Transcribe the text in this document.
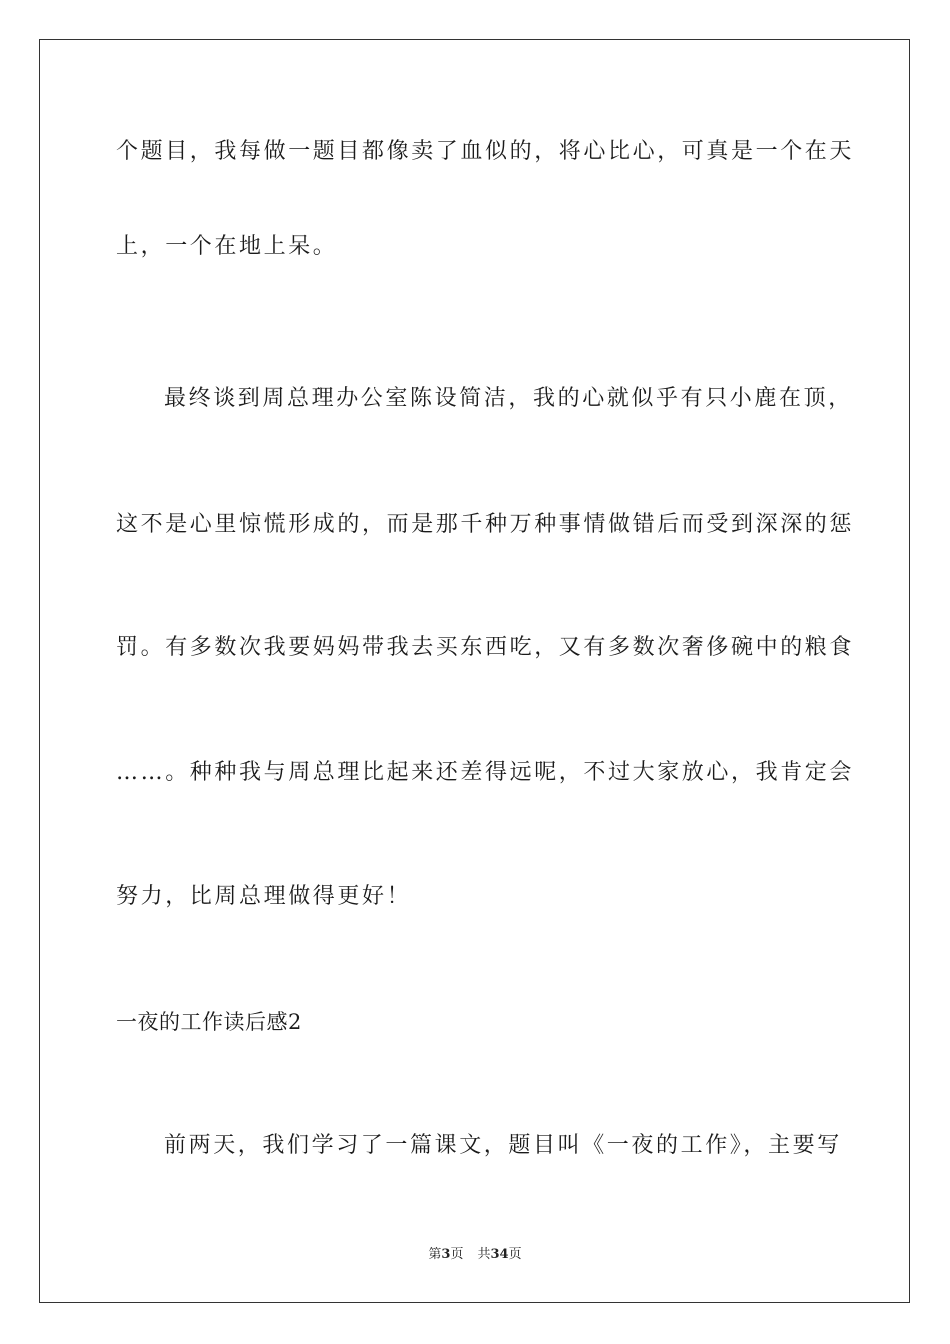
个题目，我每做一题目都像卖了血似的，将心比心，可真是一个在天
上，一个在地上呆。
最终谈到周总理办公室陈设简洁，我的心就似乎有只小鹿在顶，
这不是心里惊慌形成的，而是那千种万种事情做错后而受到深深的惩
罚。有多数次我要妈妈带我去买东西吃，又有多数次奢侈碗中的粮食
……。种种我与周总理比起来还差得远呢，不过大家放心，我肯定会
努力，比周总理做得更好！
一夜的工作读后感2
前两天，我们学习了一篇课文，题目叫《一夜的工作》，主要写
第3页 共34页
